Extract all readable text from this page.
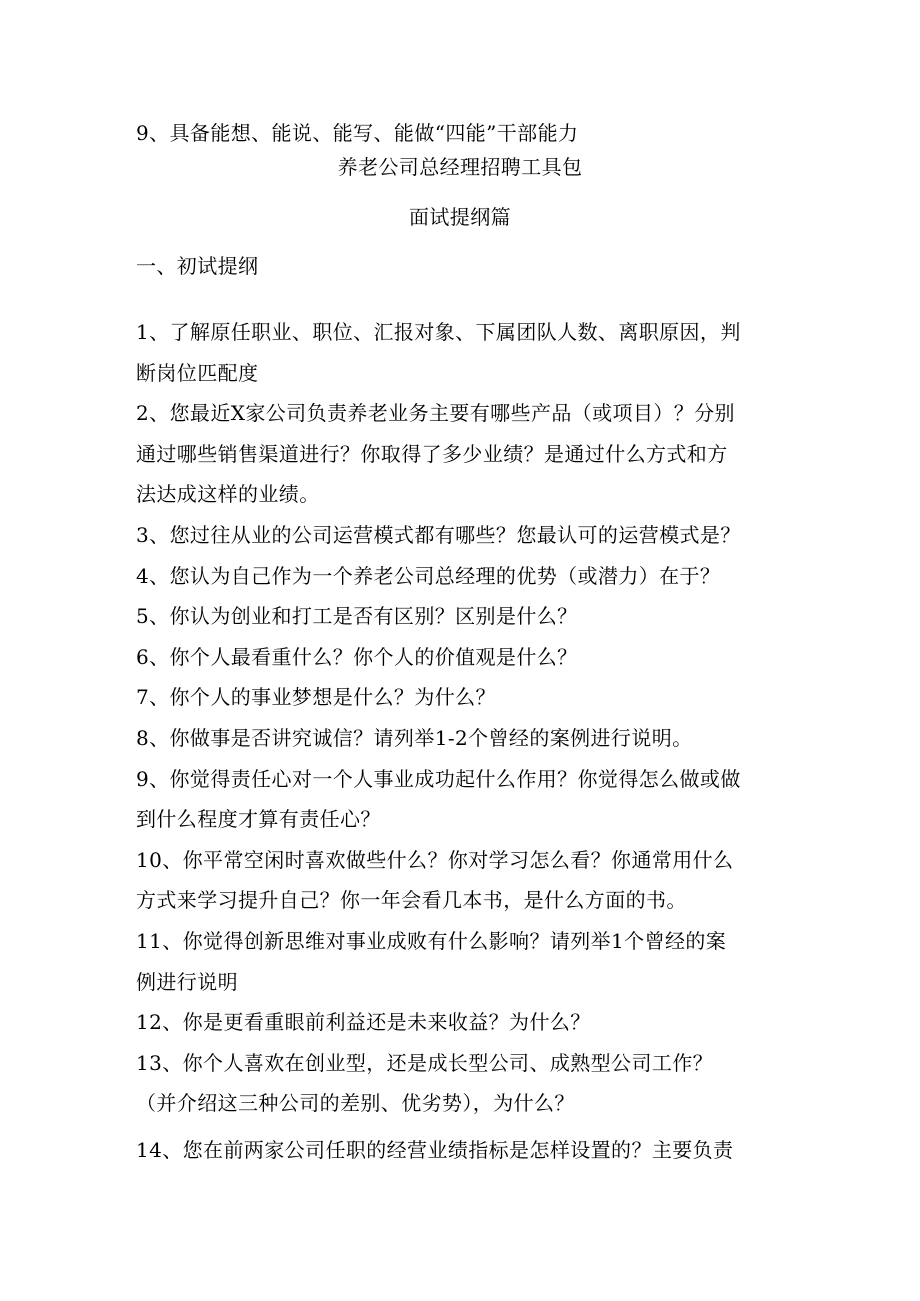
9、具备能想、能说、能写、能做“四能”干部能力
养老公司总经理招聘工具包
面试提纲篇
一、初试提纲
1、了解原任职业、职位、汇报对象、下属团队人数、离职原因，判
断岗位匹配度
2、您最近X家公司负责养老业务主要有哪些产品（或项目）？分别
通过哪些销售渠道进行？你取得了多少业绩？是通过什么方式和方
法达成这样的业绩。
3、您过往从业的公司运营模式都有哪些？您最认可的运营模式是？
4、您认为自己作为一个养老公司总经理的优势（或潜力）在于？
5、你认为创业和打工是否有区别？区别是什么？
6、你个人最看重什么？你个人的价值观是什么？
7、你个人的事业梦想是什么？为什么？
8、你做事是否讲究诚信？请列举1-2个曾经的案例进行说明。
9、你觉得责任心对一个人事业成功起什么作用？你觉得怎么做或做
到什么程度才算有责任心？
10、你平常空闲时喜欢做些什么？你对学习怎么看？你通常用什么
方式来学习提升自己？你一年会看几本书，是什么方面的书。
11、你觉得创新思维对事业成败有什么影响？请列举1个曾经的案
例进行说明
12、你是更看重眼前利益还是未来收益？为什么？
13、你个人喜欢在创业型，还是成长型公司、成熟型公司工作？
（并介绍这三种公司的差别、优劣势），为什么？
14、您在前两家公司任职的经营业绩指标是怎样设置的？主要负责
